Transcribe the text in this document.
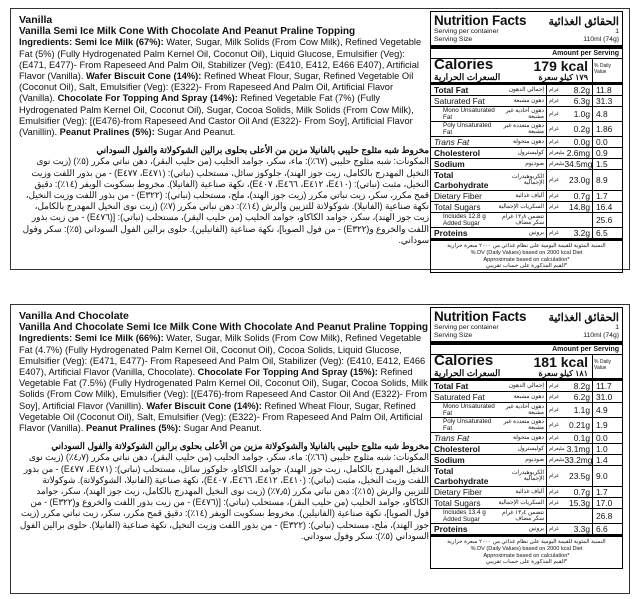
Vanilla
Vanilla Semi Ice Milk Cone With Chocolate And Peanut Praline Topping
Ingredients: Semi Ice Milk (67%): Water, Sugar, Milk Solids (From Cow Milk), Refined Vegetable Fat (5%) (Fully Hydrogenated Palm Kernel Oil, Coconut Oil), Liquid Glucose, Emulsifier (Veg): (E471, E477)- From Rapeseed And Palm Oil, Stabilizer (Veg): (E410, E412, E466 E407), Artificial Flavor (Vanilla). Wafer Biscuit Cone (14%): Refined Wheat Flour, Sugar, Refined Vegetable Oil (Coconut Oil), Salt, Emulsifier (Veg): (E322)- From Rapeseed And Palm Oil, Artificial Flavor (Vanilla). Chocolate For Topping And Spray (14%): Refined Vegetable Fat (7%) (Fully Hydrogenated Palm Kernel Oil, Coconut Oil), Sugar, Cocoa Solids, Milk Solids (From Cow Milk), Emulsifier (Veg): [(E476)-from Rapeseed And Castor Oil And (E322)- From Soy], Artificial Flavor (Vanillin). Peanut Pralines (5%): Sugar And Peanut.
مخروط شبه مثلوج حليبي بالفانيلا مزين من الأعلى بحلوى برالين الشوكولاتة والفول السوداني
المكونات: شبه مثلوج حليبي (٦٧٪): ماء، سكر، جوامد الحليب (من حليب البقر)، دهن نباتي مكرر (٥٪) (زيت نوى النخيل المهدرج بالكامل، زيت جوز الهند)، جلوكوز سائل، مستحلب (نباتي): (E٤٧١، E٤٧٧) - من بذور اللفت وزيت النخيل، مثبت (نباتي): (E٤١٠، E٤١٢، E٤٦٦، E٤٠٧)، نكهة صناعية (الفانيلا). مخروط بسكويت الويفر (١٤٪): دقيق قمح مكرر، سكر، زيت نباتي مكرر (زيت جوز الهند)، ملح، مستحلب (نباتي): (E٣٢٢) - من بذور اللفت وزيت النخيل، نكهة صناعية (الفانيلا). شوكولاتة للتزيين والرش (١٤٪): دهن نباتي مكرر (٧٪) (زيت نوى النخيل المهدرج بالكامل، زيت جوز الهند)، سكر، جوامد الكاكاو، جوامد الحليب (من حليب البقر)، مستحلب (نباتي): [(E٤٧٦) - من زيت بذور اللفت والخروع و(E٣٢٢) - من فول الصويا]، نكهة صناعية (الفانيلين). حلوى برالين الفول السوداني (٥٪): سكر وفول سوداني.
Nutrition Facts الحقائق الغذائية
Serving per container	1
Serving Size	110ml (74g)
Amount per Serving
Calories
السعرات الحرارية
179 kcal
١٧٩ كيلو سعرة
% Daily Value
Total Fat	إجمالي الدهون غرام 8.2g 11.8
Saturated Fat	دهون مشبعة غرام 6.3g 31.3
Mono Unsaturated Fat
دهون أحادية غير مشبعة غرام 1.0g 4.8
Poly Unsaturated Fat
دهون متعددة غير مشبعة غرام 0.2g 1.86
Trans Fat	دهون متحولة غرام 0.0g 0.0
Cholesterol	كوليسترول مليغرام 2.6mg 0.9
Sodium	صوديوم مليغرام 34.5mg 1.5
Total Carbohydrate
الكربوهيدرات الإجمالية غرام 23.0g 8.9
Dietary Fiber	ألياف غذائية غرام 0.7g 1.7
Total Sugars	السكريات الإجمالية غرام 14.8g 16.4
Includes 12.8 g Added Sugar
تتضمن ١٢٫٨ غرام سكر مضاف	25.6
Proteins	بروتين غرام 3.2g 6.5
النسبة المئوية للقيمة اليومية على نظام غذائي من ٢٠٠٠ سعرة حرارية
% DV (Daily Values) based on 2000 kcal Diet
Approximate based on calculation*
*القيم المذكورة على حساب تقريبي
Vanilla And Chocolate
Vanilla And Chocolate Semi Ice Milk Cone With Chocolate And Peanut Praline Topping
Ingredients: Semi Ice Milk (66%): Water, Sugar, Milk Solids (From Cow Milk), Refined Vegetable Fat (4.7%) (Fully Hydrogenated Palm Kernel Oil, Coconut Oil), Cocoa Solids, Liquid Glucose, Emulsifier (Veg): (E471, E477)- From Rapeseed And Palm Oil, Stabilizer (Veg): (E410, E412, E466 E407), Artificial Flavor (Vanilla, Chocolate). Chocolate For Topping And Spray (15%): Refined Vegetable Fat (7.5%) (Fully Hydrogenated Palm Kernel Oil, Coconut Oil), Sugar, Cocoa Solids, Milk Solids (From Cow Milk), Emulsifier (Veg): [(E476)-from Rapeseed And Castor Oil And (E322)- From Soy], Artificial Flavor (Vanillin). Wafer Biscuit Cone (14%): Refined Wheat Flour, Sugar, Refined Vegetable Oil (Coconut Oil), Salt, Emulsifier (Veg): (E322)- From Rapeseed And Palm Oil, Artificial Flavor (Vanilla). Peanut Pralines (5%): Sugar And Peanut.
مخروط شبه مثلوج حليبي بالفانيلا والشوكولاتة مزين من الأعلى بحلوى برالين الشوكولاتة والفول السوداني
المكونات: شبه مثلوج حليبي (٦٦٪): ماء، سكر، جوامد الحليب (من حليب البقر)، دهن نباتي مكرر (٤٫٧٪) (زيت نوى النخيل المهدرج بالكامل، زيت جوز الهند)، جوامد الكاكاو، جلوكوز سائل، مستحلب (نباتي): (E٤٧١، E٤٧٧) - من بذور اللفت وزيت النخيل، مثبت (نباتي): (E٤١٠، E٤١٢، E٤٦٦، E٤٠٧)، نكهة صناعية (الفانيلا، الشوكولاتة). شوكولاتة للتزيين والرش (١٥٪): دهن نباتي مكرر (٧٫٥٪) (زيت نوى النخيل المهدرج بالكامل، زيت جوز الهند)، سكر، جوامد الكاكاو، جوامد الحليب (من حليب البقر)، مستحلب (نباتي): [(E٤٧٦) - من زيت بذور اللفت والخروع و(E٣٢٢) - من فول الصويا]، نكهة صناعية (الفانيلين). مخروط بسكويت الويفر (١٤٪): دقيق قمح مكرر، سكر، زيت نباتي مكرر (زيت جوز الهند)، ملح، مستحلب (نباتي): (E٣٢٢) - من بذور اللفت وزيت النخيل، نكهة صناعية (الفانيلا). حلوى برالين الفول السوداني (٥٪): سكر وفول سوداني.
Nutrition Facts الحقائق الغذائية
Serving per container	1
Serving Size	110ml (74g)
Amount per Serving
Calories
السعرات الحرارية
181 kcal
١٨١ كيلو سعرة
% Daily Value
Total Fat	إجمالي الدهون غرام 8.2g 11.7
Saturated Fat	دهون مشبعة غرام 6.2g 31.0
Mono Unsaturated Fat
دهون أحادية غير مشبعة غرام 1.1g 4.9
Poly Unsaturated Fat
دهون متعددة غير مشبعة غرام 0.21g 1.9
Trans Fat	دهون متحولة غرام 0.1g 0.0
Cholesterol	كوليسترول مليغرام 3.1mg 1.0
Sodium	صوديوم مليغرام 33.2mg 1.4
Total Carbohydrate
الكربوهيدرات الإجمالية غرام 23.5g 9.0
Dietary Fiber	ألياف غذائية غرام 0.7g 1.7
Total Sugars	السكريات الإجمالية غرام 15.3g 17.0
Includes 13.4 g Added Sugar
تتضمن ١٣٫٤ غرام سكر مضاف	26.8
Proteins	بروتين غرام 3.3g 6.6
النسبة المئوية للقيمة اليومية على نظام غذائي من ٢٠٠٠ سعرة حرارية
% DV (Daily Values) based on 2000 kcal Diet
Approximate based on calculation*
*القيم المذكورة على حساب تقريبي
